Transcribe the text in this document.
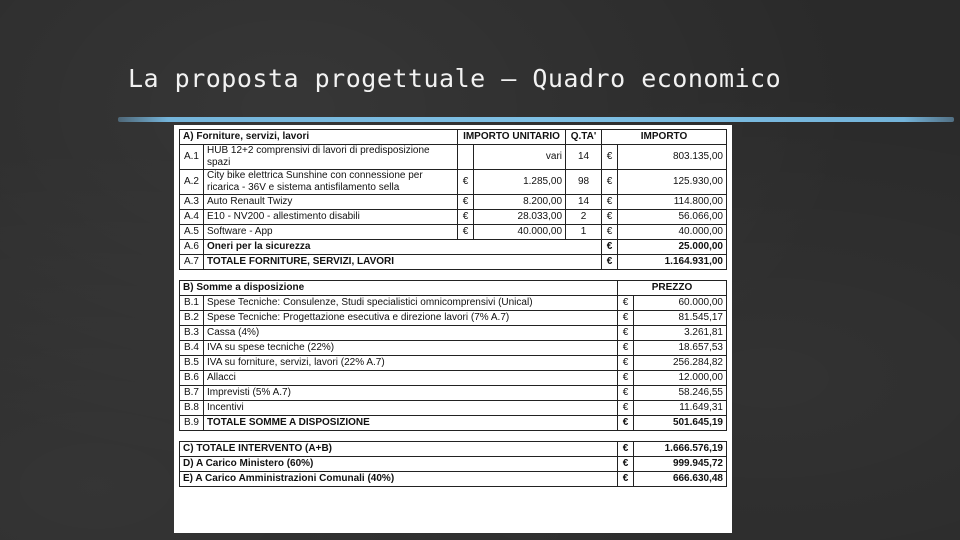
La proposta progettuale – Quadro economico
A) Forniture, servizi, lavori		IMPORTO UNITARIO		Q.TA'	IMPORTO	
A.1	HUB 12+2 comprensivi di lavori di predisposizione spazi		vari	14	€	803.135,00
A.2	City bike elettrica Sunshine con connessione per ricarica - 36V e sistema antisfilamento sella	€	1.285,00	98	€	125.930,00
A.3	Auto Renault Twizy	€	8.200,00	14	€	114.800,00
A.4	E10 - NV200 - allestimento disabili	€	28.033,00	2	€	56.066,00
A.5	Software - App	€	40.000,00	1	€	40.000,00
A.6	Oneri per la sicurezza				€	25.000,00
A.7	TOTALE FORNITURE, SERVIZI, LAVORI				€	1.164.931,00
B) Somme a disposizione		PREZZO	
B.1	Spese Tecniche: Consulenze, Studi specialistici omnicomprensivi (Unical)	€	60.000,00
B.2	Spese Tecniche: Progettazione esecutiva e direzione lavori (7% A.7)	€	81.545,17
B.3	Cassa (4%)	€	3.261,81
B.4	IVA su spese tecniche (22%)	€	18.657,53
B.5	IVA su forniture, servizi, lavori (22% A.7)	€	256.284,82
B.6	Allacci	€	12.000,00
B.7	Imprevisti (5% A.7)	€	58.246,55
B.8	Incentivi	€	11.649,31
B.9	TOTALE SOMME A DISPOSIZIONE	€	501.645,19
C) TOTALE INTERVENTO (A+B)	€	1.666.576,19
D) A Carico Ministero (60%)	€	999.945,72
E) A Carico Amministrazioni Comunali (40%)	€	666.630,48
